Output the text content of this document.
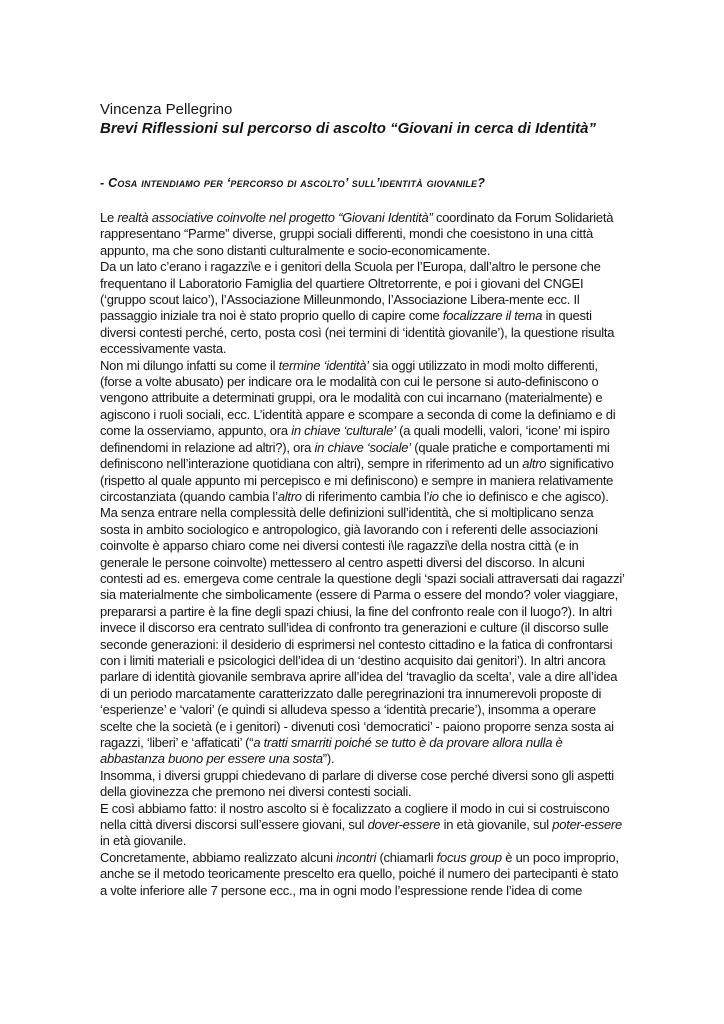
Vincenza Pellegrino
Brevi Riflessioni sul percorso di ascolto “Giovani in cerca di Identità”
- Cosa intendiamo per ‘percorso di ascolto’ sull’identità giovanile?

Le realtà associative coinvolte nel progetto “Giovani Identità” coordinato da Forum Solidarietà rappresentano “Parme” diverse, gruppi sociali differenti, mondi che coesistono in una città appunto, ma che sono distanti culturalmente e socio-economicamente.

Da un lato c’erano i ragazzi\e e i genitori della Scuola per l’Europa, dall’altro le persone che frequentano il Laboratorio Famiglia del quartiere Oltretorrente, e poi i giovani del CNGEI (‘gruppo scout laico’), l’Associazione Milleunmondo, l’Associazione Libera-mente ecc. Il passaggio iniziale tra noi è stato proprio quello di capire come focalizzare il tema in questi diversi contesti perché, certo, posta così (nei termini di ‘identità giovanile’), la questione risulta eccessivamente vasta.

Non mi dilungo infatti su come il termine ‘identità’ sia oggi utilizzato in modi molto differenti, (forse a volte abusato) per indicare ora le modalità con cui le persone si auto-definiscono o vengono attribuite a determinati gruppi, ora le modalità con cui incarnano (materialmente) e agiscono i ruoli sociali, ecc. L’identità appare e scompare a seconda di come la definiamo e di come la osserviamo, appunto, ora in chiave ‘culturale’ (a quali modelli, valori, ‘icone’ mi ispiro definendomi in relazione ad altri?), ora in chiave ‘sociale’ (quale pratiche e comportamenti mi definiscono nell’interazione quotidiana con altri), sempre in riferimento ad un altro significativo (rispetto al quale appunto mi percepisco e mi definiscono) e sempre in maniera relativamente circostanziata (quando cambia l’altro di riferimento cambia l’io che io definisco e che agisco).

Ma senza entrare nella complessità delle definizioni sull’identità, che si moltiplicano senza sosta in ambito sociologico e antropologico, già lavorando con i referenti delle associazioni coinvolte è apparso chiaro come nei diversi contesti i\le ragazzi\e della nostra città (e in generale le persone coinvolte) mettessero al centro aspetti diversi del discorso. In alcuni contesti ad es. emergeva come centrale la questione degli ‘spazi sociali attraversati dai ragazzi’ sia materialmente che simbolicamente (essere di Parma o essere del mondo? voler viaggiare, prepararsi a partire è la fine degli spazi chiusi, la fine del confronto reale con il luogo?). In altri invece il discorso era centrato sull’idea di confronto tra generazioni e culture (il discorso sulle seconde generazioni: il desiderio di esprimersi nel contesto cittadino e la fatica di confrontarsi con i limiti materiali e psicologici dell’idea di un ‘destino acquisito dai genitori’). In altri ancora parlare di identità giovanile sembrava aprire all’idea del ‘travaglio da scelta’, vale a dire all’idea di un periodo marcatamente caratterizzato dalle peregrinazioni tra innumerevoli proposte di ‘esperienze’ e ‘valori’ (e quindi si alludeva spesso a ‘identità precarie’), insomma a operare scelte che la società (e i genitori) - divenuti così ‘democratici’ - paiono proporre senza sosta ai ragazzi, ‘liberi’ e ‘affaticati’ (“a tratti smarriti poiché se tutto è da provare allora nulla è abbastanza buono per essere una sosta”).

Insomma, i diversi gruppi chiedevano di parlare di diverse cose perché diversi sono gli aspetti della giovinezza che premono nei diversi contesti sociali.

E così abbiamo fatto: il nostro ascolto si è focalizzato a cogliere il modo in cui si costruiscono nella città diversi discorsi sull’essere giovani, sul dover-essere in età giovanile, sul poter-essere in età giovanile.

Concretamente, abbiamo realizzato alcuni incontri (chiamarli focus group è un poco improprio, anche se il metodo teoricamente prescelto era quello, poiché il numero dei partecipanti è stato a volte inferiore alle 7 persone ecc., ma in ogni modo l’espressione rende l’idea di come
